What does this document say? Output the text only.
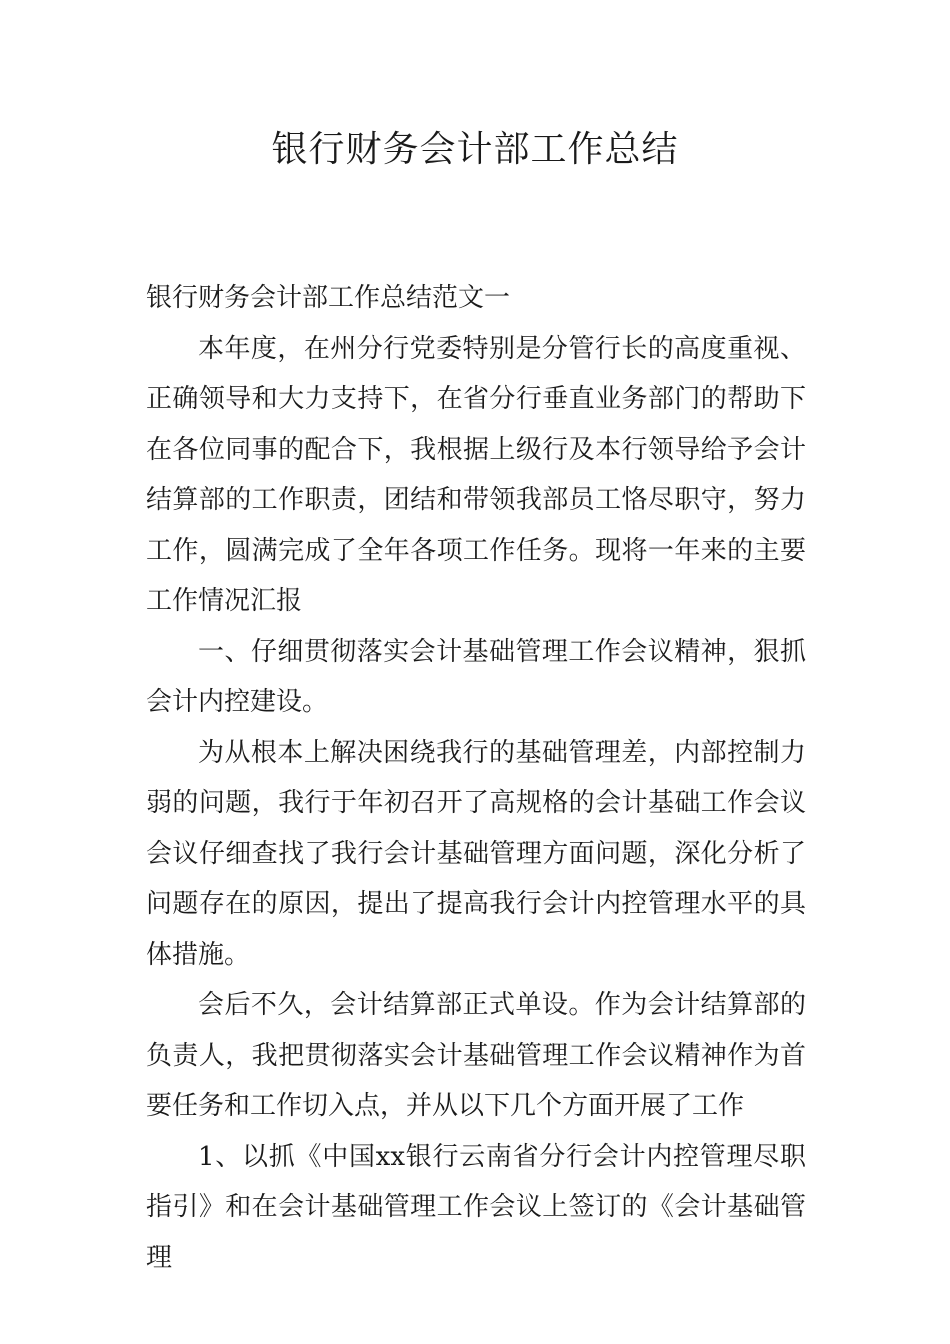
银行财务会计部工作总结

银行财务会计部工作总结范文一

本年度，在州分行党委特别是分管行长的高度重视、正确领导和大力支持下，在省分行垂直业务部门的帮助下在各位同事的配合下，我根据上级行及本行领导给予会计结算部的工作职责，团结和带领我部员工恪尽职守，努力工作，圆满完成了全年各项工作任务。现将一年来的主要工作情况汇报

一、仔细贯彻落实会计基础管理工作会议精神，狠抓会计内控建设。

为从根本上解决困绕我行的基础管理差，内部控制力弱的问题，我行于年初召开了高规格的会计基础工作会议会议仔细查找了我行会计基础管理方面问题，深化分析了问题存在的原因，提出了提高我行会计内控管理水平的具体措施。

会后不久，会计结算部正式单设。作为会计结算部的负责人，我把贯彻落实会计基础管理工作会议精神作为首要任务和工作切入点，并从以下几个方面开展了工作

1、以抓《中国xx银行云南省分行会计内控管理尽职指引》和在会计基础管理工作会议上签订的《会计基础管理
